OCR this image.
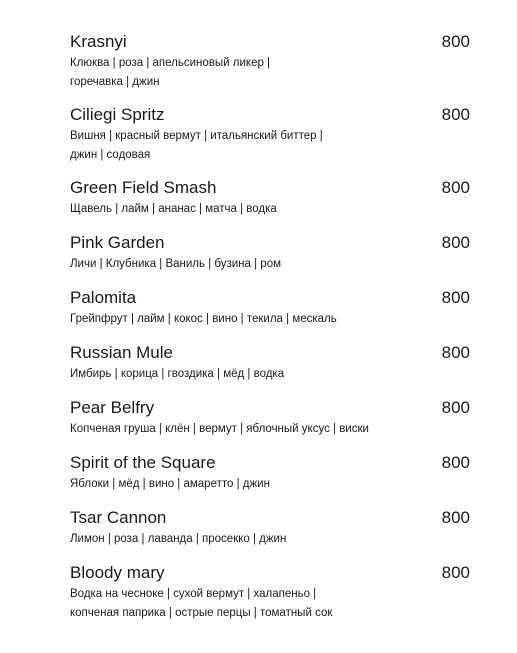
Krasnyi	800
Клюква | роза | апельсиновый ликер |
горечавка | джин
Ciliegi Spritz	800
Вишня | красный вермут | итальянский биттер |
джин | содовая
Green Field Smash	800
Щавель | лайм | ананас | матча | водка
Pink Garden	800
Личи | Клубника | Ваниль | бузина | ром
Palomita	800
Грейпфрут | лайм | кокос | вино | текила | мескаль
Russian Mule	800
Имбирь | корица | гвоздика | мёд | водка
Pear Belfry	800
Копченая груша | клён | вермут | яблочный уксус | виски
Spirit of the Square	800
Яблоки | мёд | вино | амаретто | джин
Tsar Cannon	800
Лимон | роза | лаванда | просекко | джин
Bloody mary	800
Водка на чесноке | сухой вермут | халапеньо |
копченая паприка | острые перцы | томатный сок
